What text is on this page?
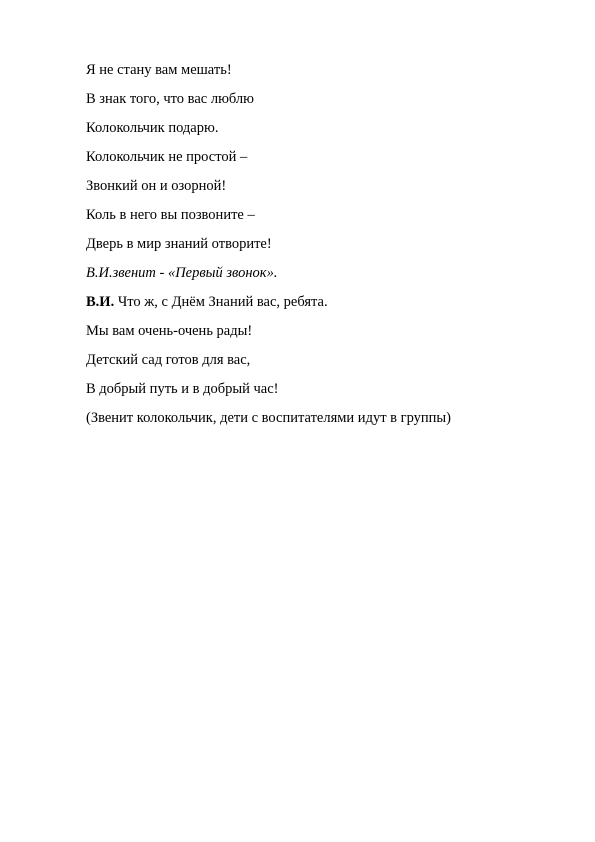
Я не стану вам мешать!
В знак того, что вас люблю
Колокольчик подарю.
Колокольчик не простой –
Звонкий он и озорной!
Коль в него вы позвоните –
Дверь в мир знаний отворите!
В.И.звенит - «Первый звонок».
В.И. Что ж, с Днём Знаний вас, ребята.
Мы вам очень-очень рады!
Детский сад готов для вас,
В добрый путь и в добрый час!
(Звенит колокольчик, дети с воспитателями идут в группы)
